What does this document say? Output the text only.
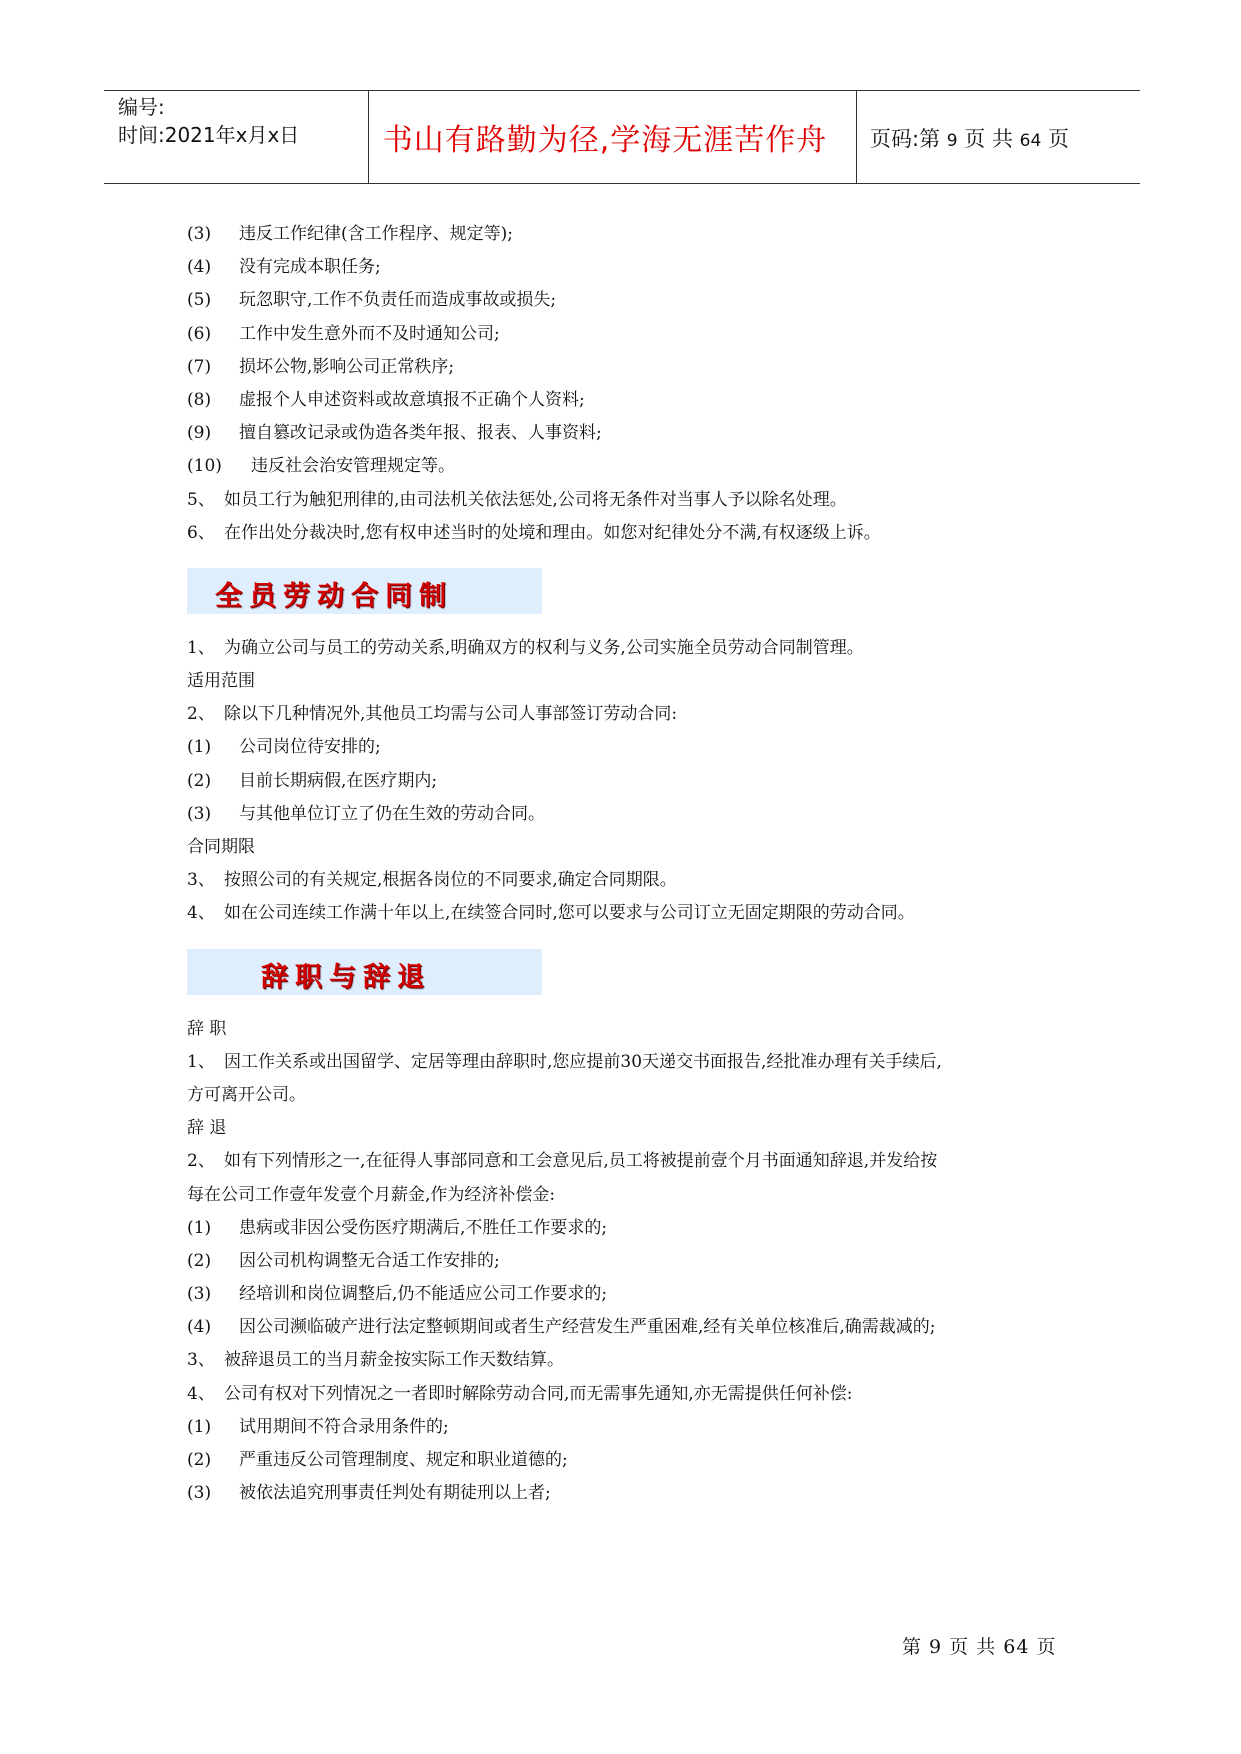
编号:
时间:2021年x月x日	书山有路勤为径,学海无涯苦作舟	页码:第 9 页 共 64 页
(3) 违反工作纪律(含工作程序、规定等);
(4) 没有完成本职任务;
(5) 玩忽职守,工作不负责任而造成事故或损失;
(6) 工作中发生意外而不及时通知公司;
(7) 损坏公物,影响公司正常秩序;
(8) 虚报个人申述资料或故意填报不正确个人资料;
(9) 擅自篡改记录或伪造各类年报、报表、人事资料;
(10) 违反社会治安管理规定等。
5、 如员工行为触犯刑律的,由司法机关依法惩处,公司将无条件对当事人予以除名处理。
6、 在作出处分裁决时,您有权申述当时的处境和理由。如您对纪律处分不满,有权逐级上诉。
全员劳动合同制
1、 为确立公司与员工的劳动关系,明确双方的权利与义务,公司实施全员劳动合同制管理。
适用范围
2、 除以下几种情况外,其他员工均需与公司人事部签订劳动合同:
(1) 公司岗位待安排的;
(2) 目前长期病假,在医疗期内;
(3) 与其他单位订立了仍在生效的劳动合同。
合同期限
3、 按照公司的有关规定,根据各岗位的不同要求,确定合同期限。
4、 如在公司连续工作满十年以上,在续签合同时,您可以要求与公司订立无固定期限的劳动合同。
辞职与辞退
辞 职
1、 因工作关系或出国留学、定居等理由辞职时,您应提前30天递交书面报告,经批准办理有关手续后,
方可离开公司。
辞 退
2、 如有下列情形之一,在征得人事部同意和工会意见后,员工将被提前壹个月书面通知辞退,并发给按
每在公司工作壹年发壹个月薪金,作为经济补偿金:
(1) 患病或非因公受伤医疗期满后,不胜任工作要求的;
(2) 因公司机构调整无合适工作安排的;
(3) 经培训和岗位调整后,仍不能适应公司工作要求的;
(4) 因公司濒临破产进行法定整顿期间或者生产经营发生严重困难,经有关单位核准后,确需裁减的;
3、 被辞退员工的当月薪金按实际工作天数结算。
4、 公司有权对下列情况之一者即时解除劳动合同,而无需事先通知,亦无需提供任何补偿:
(1) 试用期间不符合录用条件的;
(2) 严重违反公司管理制度、规定和职业道德的;
(3) 被依法追究刑事责任判处有期徒刑以上者;
第 9 页 共 64 页
